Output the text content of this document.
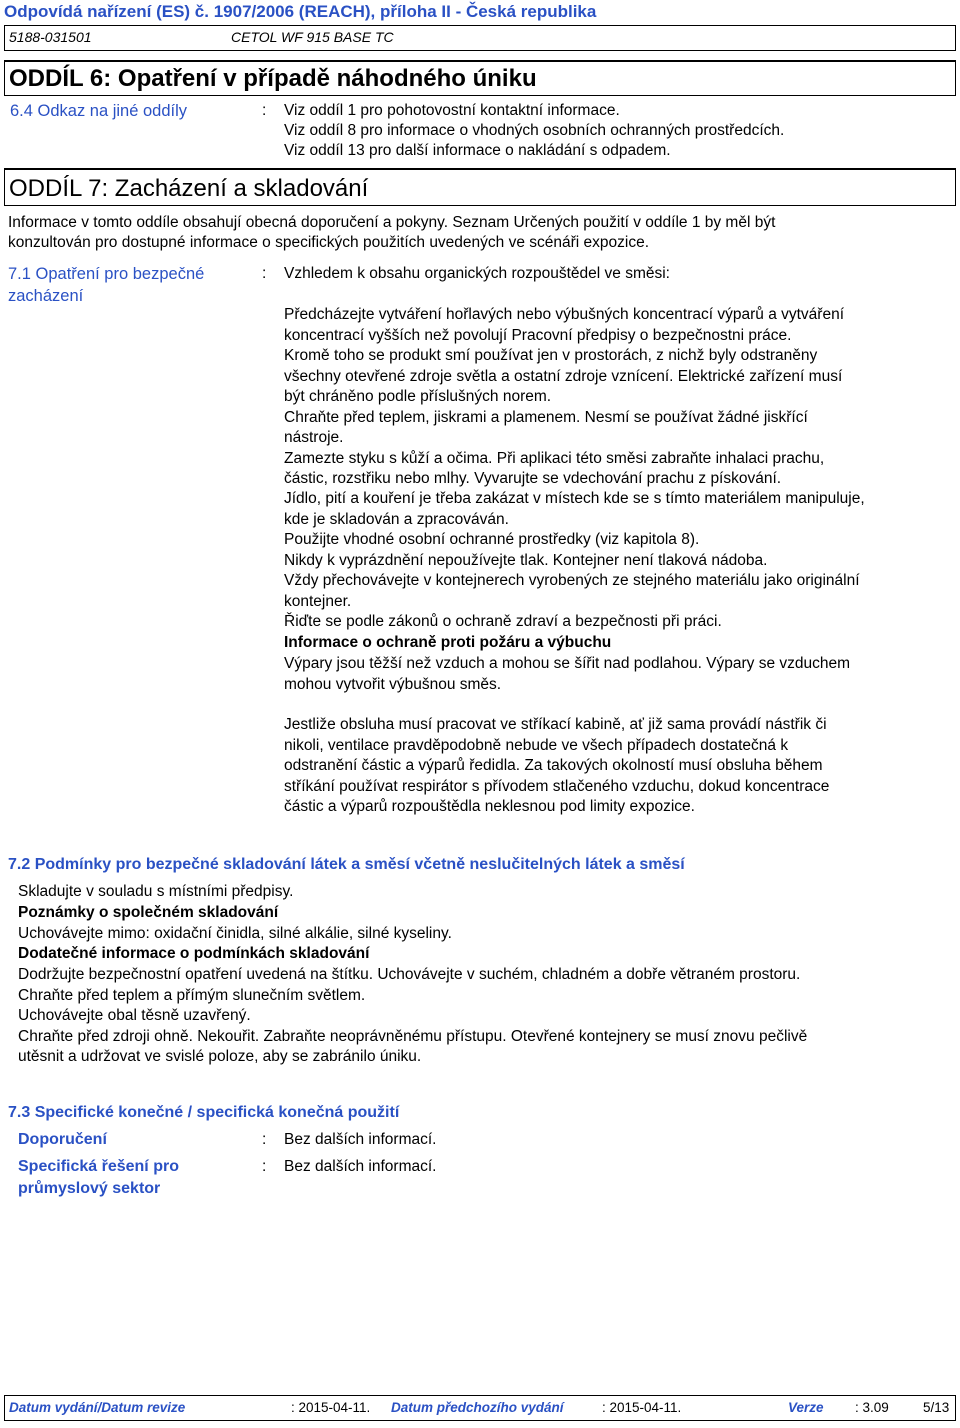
Odpovídá nařízení (ES) č. 1907/2006 (REACH), příloha II - Česká republika
5188-031501	CETOL WF 915 BASE TC
ODDÍL 6: Opatření v případě náhodného úniku
6.4 Odkaz na jiné oddíly	: Viz oddíl 1 pro pohotovostní kontaktní informace.
Viz oddíl 8 pro informace o vhodných osobních ochranných prostředcích.
Viz oddíl 13 pro další informace o nakládání s odpadem.
ODDÍL 7: Zacházení a skladování
Informace v tomto oddíle obsahují obecná doporučení a pokyny. Seznam Určených použití v oddíle 1 by měl být
konzultován pro dostupné informace o specifických použitích uvedených ve scénáři expozice.
7.1 Opatření pro bezpečné
zacházení
: Vzhledem k obsahu organických rozpouštědel ve směsi:
Předcházejte vytváření hořlavých nebo výbušných koncentrací výparů a vytváření
koncentrací vyšších než povolují Pracovní předpisy o bezpečnostni práce.
Kromě toho se produkt smí používat jen v prostorách, z nichž byly odstraněny
všechny otevřené zdroje světla a ostatní zdroje vznícení. Elektrické zařízení musí
být chráněno podle příslušných norem.
Chraňte před teplem, jiskrami a plamenem. Nesmí se používat žádné jiskřící
nástroje.
Zamezte styku s kůží a očima. Při aplikaci této směsi zabraňte inhalaci prachu,
částic, rozstřiku nebo mlhy. Vyvarujte se vdechování prachu z pískování.
Jídlo, pití a kouření je třeba zakázat v místech kde se s tímto materiálem manipuluje,
kde je skladován a zpracováván.
Použijte vhodné osobní ochranné prostředky (viz kapitola 8).
Nikdy k vyprázdnění nepoužívejte tlak. Kontejner není tlaková nádoba.
Vždy přechovávejte v kontejnerech vyrobených ze stejného materiálu jako originální
kontejner.
Řiďte se podle zákonů o ochraně zdraví a bezpečnosti při práci.
Informace o ochraně proti požáru a výbuchu
Výpary jsou těžší než vzduch a mohou se šířit nad podlahou. Výpary se vzduchem
mohou vytvořit výbušnou směs.
Jestliže obsluha musí pracovat ve stříkací kabině, ať již sama provádí nástřik či
nikoli, ventilace pravděpodobně nebude ve všech případech dostatečná k
odstranění částic a výparů ředidla. Za takových okolností musí obsluha během
stříkání používat respirátor s přívodem stlačeného vzduchu, dokud koncentrace
částic a výparů rozpouštědla neklesnou pod limity expozice.
7.2 Podmínky pro bezpečné skladování látek a směsí včetně neslučitelných látek a směsí
Skladujte v souladu s místními předpisy.
Poznámky o společném skladování
Uchovávejte mimo: oxidační činidla, silné alkálie, silné kyseliny.
Dodatečné informace o podmínkách skladování
Dodržujte bezpečnostní opatření uvedená na štítku. Uchovávejte v suchém, chladném a dobře větraném prostoru.
Chraňte před teplem a přímým slunečním světlem.
Uchovávejte obal těsně uzavřený.
Chraňte před zdroji ohně. Nekouřit. Zabraňte neoprávněnému přístupu. Otevřené kontejnery se musí znovu pečlivě
utěsnit a udržovat ve svislé poloze, aby se zabránilo úniku.
7.3 Specifické konečné / specifická konečná použití
Doporučení	: Bez dalších informací.
Specifická řešení pro
průmyslový sektor
: Bez dalších informací.
Datum vydání/Datum revize	: 2015-04-11. Datum předchozího vydání	: 2015-04-11.	Verze : 3.09	5/13
